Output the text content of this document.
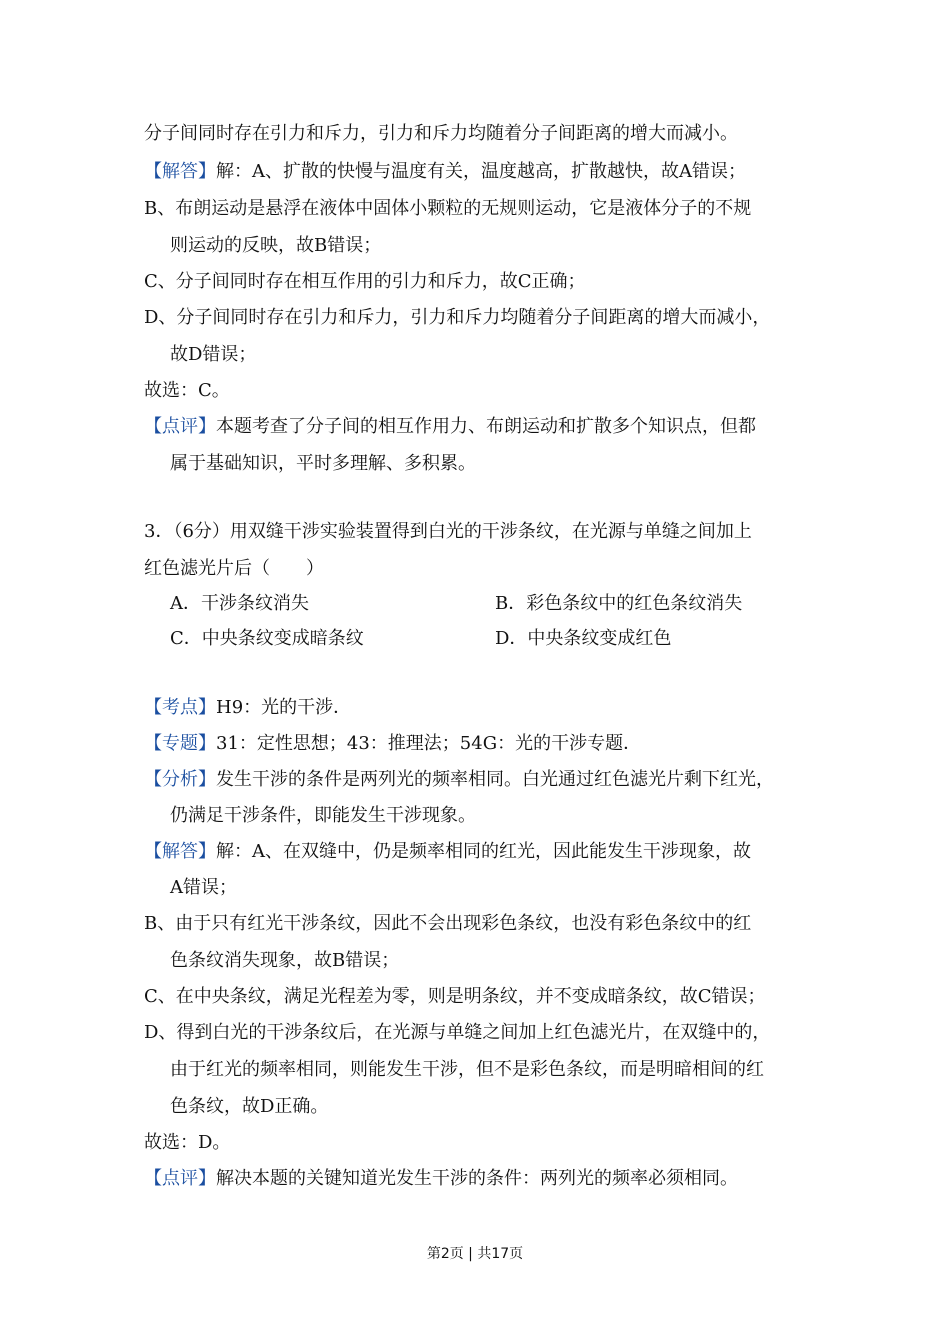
分子间同时存在引力和斥力，引力和斥力均随着分子间距离的增大而减小。
【解答】解：A、扩散的快慢与温度有关，温度越高，扩散越快，故A错误；
B、布朗运动是悬浮在液体中固体小颗粒的无规则运动，它是液体分子的不规
则运动的反映，故B错误；
C、分子间同时存在相互作用的引力和斥力，故C正确；
D、分子间同时存在引力和斥力，引力和斥力均随着分子间距离的增大而减小，
故D错误；
故选：C。
【点评】本题考查了分子间的相互作用力、布朗运动和扩散多个知识点，但都
属于基础知识，平时多理解、多积累。
3．（6分）用双缝干涉实验装置得到白光的干涉条纹，在光源与单缝之间加上
红色滤光片后（　　）
A．干涉条纹消失	B．彩色条纹中的红色条纹消失
C．中央条纹变成暗条纹	D．中央条纹变成红色
【考点】H9：光的干涉．
【专题】31：定性思想；43：推理法；54G：光的干涉专题．
【分析】发生干涉的条件是两列光的频率相同。白光通过红色滤光片剩下红光，
仍满足干涉条件，即能发生干涉现象。
【解答】解：A、在双缝中，仍是频率相同的红光，因此能发生干涉现象，故
A错误；
B、由于只有红光干涉条纹，因此不会出现彩色条纹，也没有彩色条纹中的红
色条纹消失现象，故B错误；
C、在中央条纹，满足光程差为零，则是明条纹，并不变成暗条纹，故C错误；
D、得到白光的干涉条纹后，在光源与单缝之间加上红色滤光片，在双缝中的，
由于红光的频率相同，则能发生干涉，但不是彩色条纹，而是明暗相间的红
色条纹，故D正确。
故选：D。
【点评】解决本题的关键知道光发生干涉的条件：两列光的频率必须相同。
第2页 | 共17页
